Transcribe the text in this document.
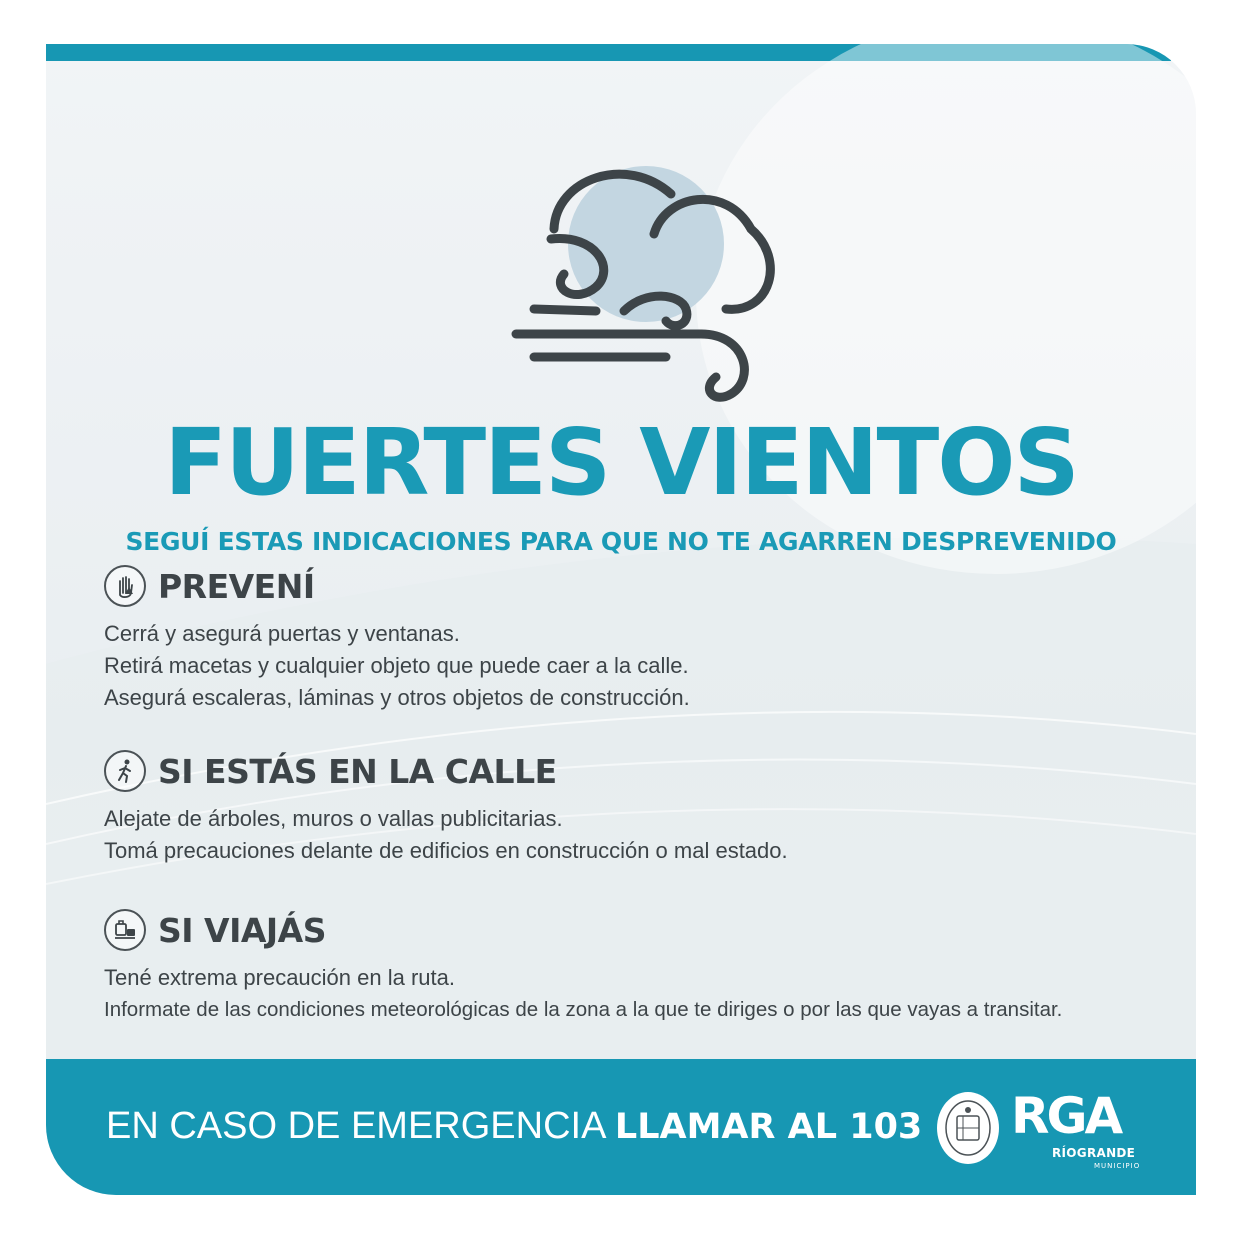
FUERTES VIENTOS

SEGUÍ ESTAS INDICACIONES PARA QUE NO TE AGARREN DESPREVENIDO

PREVENÍ
Cerrá y asegurá puertas y ventanas.
Retirá macetas y cualquier objeto que puede caer a la calle.
Asegurá escaleras, láminas y otros objetos de construcción.
SI ESTÁS EN LA CALLE
Alejate de árboles, muros o vallas publicitarias.
Tomá precauciones delante de edificios en construcción o mal estado.
SI VIAJÁS
Tené extrema precaución en la ruta.
Informate de las condiciones meteorológicas de la zona a la que te diriges o por las que vayas a transitar.
EN CASO DE EMERGENCIA LLAMAR AL 103 RGA
RÍOGRANDE
MUNICIPIO
